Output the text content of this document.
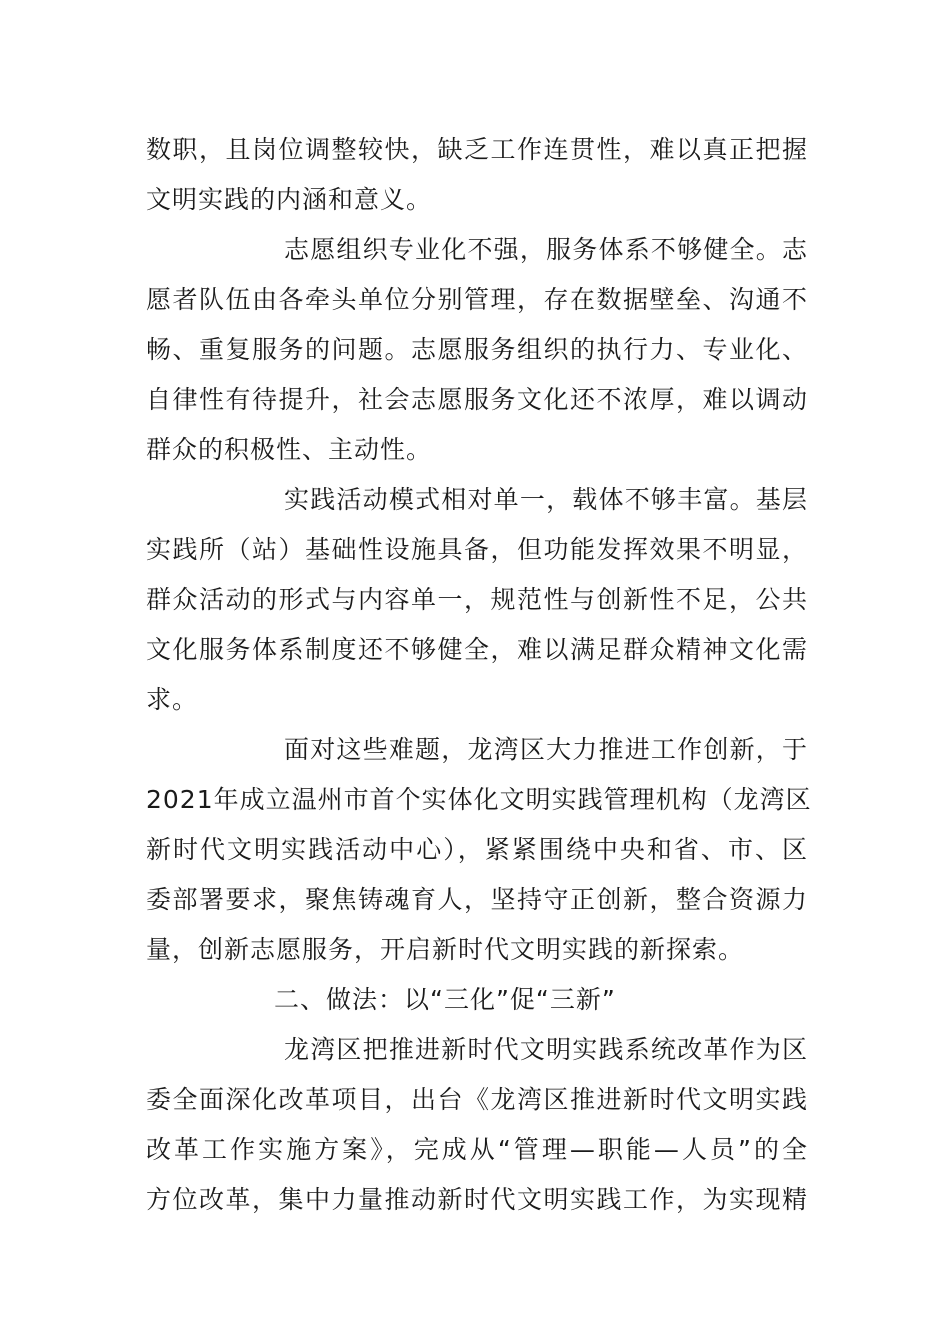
数职，且岗位调整较快，缺乏工作连贯性，难以真正把握
文明实践的内涵和意义。
志愿组织专业化不强，服务体系不够健全。志
愿者队伍由各牵头单位分别管理，存在数据壁垒、沟通不
畅、重复服务的问题。志愿服务组织的执行力、专业化、
自律性有待提升，社会志愿服务文化还不浓厚，难以调动
群众的积极性、主动性。
实践活动模式相对单一，载体不够丰富。基层
实践所（站）基础性设施具备，但功能发挥效果不明显，
群众活动的形式与内容单一，规范性与创新性不足，公共
文化服务体系制度还不够健全，难以满足群众精神文化需
求。
面对这些难题，龙湾区大力推进工作创新，于
2021年成立温州市首个实体化文明实践管理机构（龙湾区
新时代文明实践活动中心），紧紧围绕中央和省、市、区
委部署要求，聚焦铸魂育人，坚持守正创新，整合资源力
量，创新志愿服务，开启新时代文明实践的新探索。
二、做法：以“三化”促“三新”
龙湾区把推进新时代文明实践系统改革作为区
委全面深化改革项目，出台《龙湾区推进新时代文明实践
改革工作实施方案》，完成从“管理—职能—人员”的全
方位改革，集中力量推动新时代文明实践工作，为实现精
